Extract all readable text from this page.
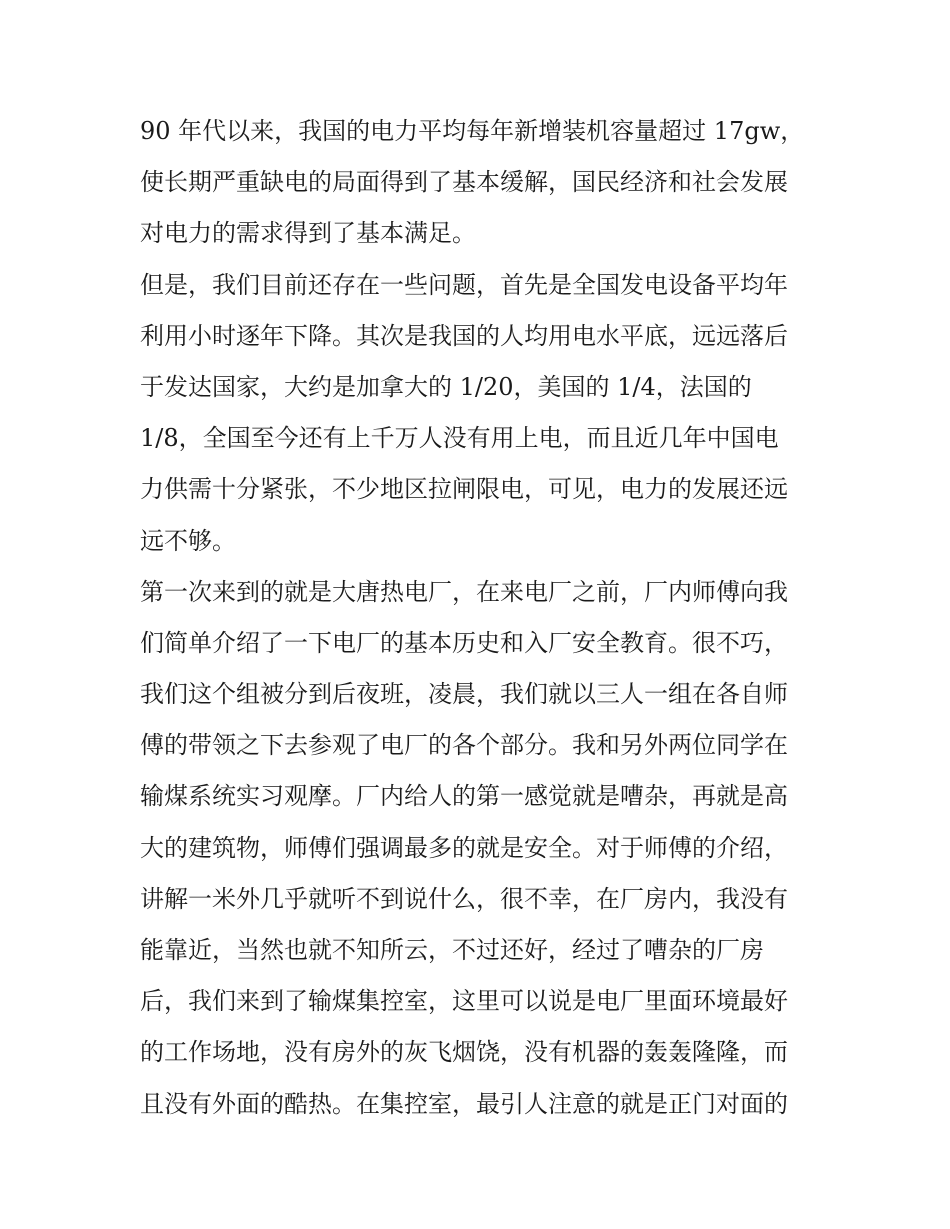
90 年代以来，我国的电力平均每年新增装机容量超过 17gw，
使长期严重缺电的局面得到了基本缓解，国民经济和社会发展
对电力的需求得到了基本满足。
但是，我们目前还存在一些问题，首先是全国发电设备平均年
利用小时逐年下降。其次是我国的人均用电水平底，远远落后
于发达国家，大约是加拿大的 1/20，美国的 1/4，法国的
1/8，全国至今还有上千万人没有用上电，而且近几年中国电
力供需十分紧张，不少地区拉闸限电，可见，电力的发展还远
远不够。
第一次来到的就是大唐热电厂，在来电厂之前，厂内师傅向我
们简单介绍了一下电厂的基本历史和入厂安全教育。很不巧，
我们这个组被分到后夜班，凌晨，我们就以三人一组在各自师
傅的带领之下去参观了电厂的各个部分。我和另外两位同学在
输煤系统实习观摩。厂内给人的第一感觉就是嘈杂，再就是高
大的建筑物，师傅们强调最多的就是安全。对于师傅的介绍，
讲解一米外几乎就听不到说什么，很不幸，在厂房内，我没有
能靠近，当然也就不知所云，不过还好，经过了嘈杂的厂房
后，我们来到了输煤集控室，这里可以说是电厂里面环境最好
的工作场地，没有房外的灰飞烟饶，没有机器的轰轰隆隆，而
且没有外面的酷热。在集控室，最引人注意的就是正门对面的
